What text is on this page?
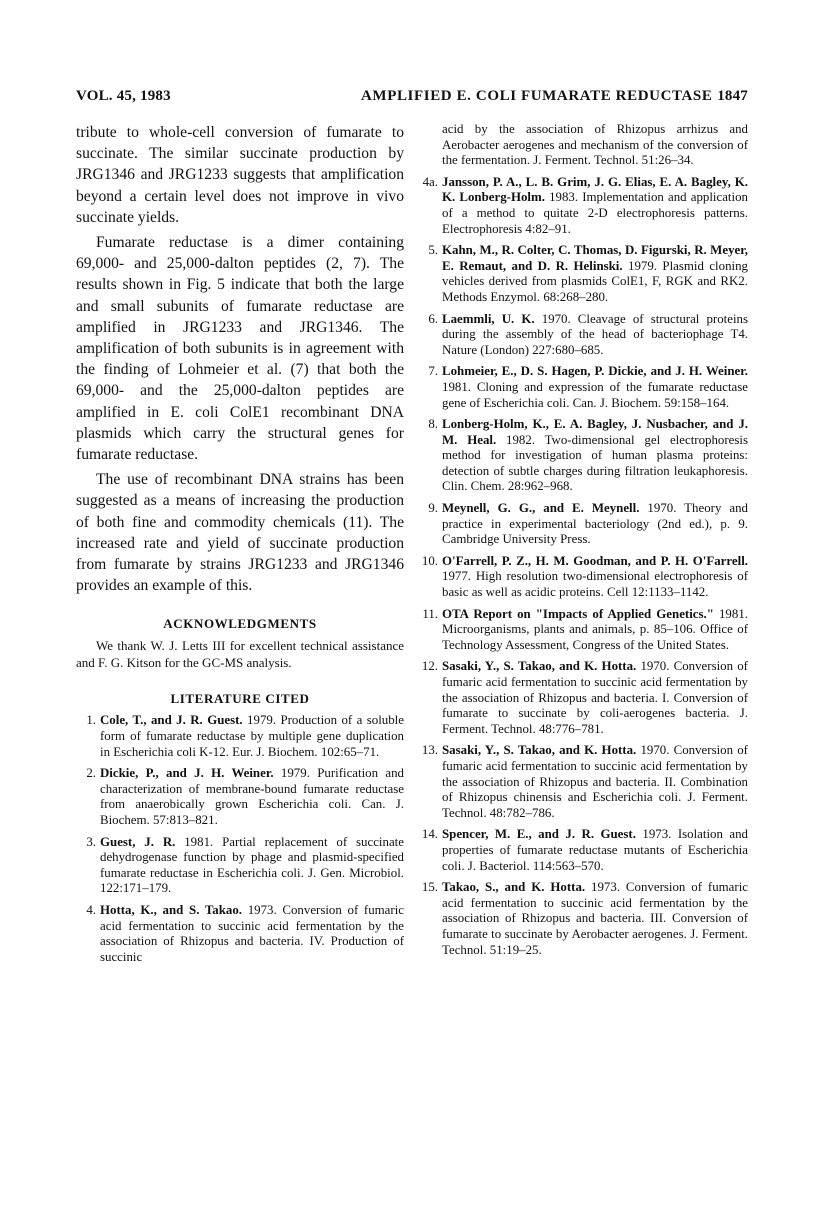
VOL. 45, 1983	AMPLIFIED E. COLI FUMARATE REDUCTASE 1847

tribute to whole-cell conversion of fumarate to succinate. The similar succinate production by JRG1346 and JRG1233 suggests that amplification beyond a certain level does not improve in vivo succinate yields.

Fumarate reductase is a dimer containing 69,000- and 25,000-dalton peptides (2, 7). The results shown in Fig. 5 indicate that both the large and small subunits of fumarate reductase are amplified in JRG1233 and JRG1346. The amplification of both subunits is in agreement with the finding of Lohmeier et al. (7) that both the 69,000- and the 25,000-dalton peptides are amplified in E. coli ColE1 recombinant DNA plasmids which carry the structural genes for fumarate reductase.

The use of recombinant DNA strains has been suggested as a means of increasing the production of both fine and commodity chemicals (11). The increased rate and yield of succinate production from fumarate by strains JRG1233 and JRG1346 provides an example of this.

ACKNOWLEDGMENTS

We thank W. J. Letts III for excellent technical assistance and F. G. Kitson for the GC-MS analysis.

LITERATURE CITED
1. Cole, T., and J. R. Guest. 1979. Production of a soluble form of fumarate reductase by multiple gene duplication in Escherichia coli K-12. Eur. J. Biochem. 102:65–71.
2. Dickie, P., and J. H. Weiner. 1979. Purification and characterization of membrane-bound fumarate reductase from anaerobically grown Escherichia coli. Can. J. Biochem. 57:813–821.
3. Guest, J. R. 1981. Partial replacement of succinate dehydrogenase function by phage and plasmid-specified fumarate reductase in Escherichia coli. J. Gen. Microbiol. 122:171–179.
4. Hotta, K., and S. Takao. 1973. Conversion of fumaric acid fermentation to succinic acid fermentation by the association of Rhizopus and bacteria. IV. Production of succinic

acid by the association of Rhizopus arrhizus and Aerobacter aerogenes and mechanism of the conversion of the fermentation. J. Ferment. Technol. 51:26–34.

4a. Jansson, P. A., L. B. Grim, J. G. Elias, E. A. Bagley, K. K. Lonberg-Holm. 1983. Implementation and application of a method to quitate 2-D electrophoresis patterns. Electrophoresis 4:82–91.
5. Kahn, M., R. Colter, C. Thomas, D. Figurski, R. Meyer, E. Remaut, and D. R. Helinski. 1979. Plasmid cloning vehicles derived from plasmids ColE1, F, RGK and RK2. Methods Enzymol. 68:268–280.
6. Laemmli, U. K. 1970. Cleavage of structural proteins during the assembly of the head of bacteriophage T4. Nature (London) 227:680–685.
7. Lohmeier, E., D. S. Hagen, P. Dickie, and J. H. Weiner. 1981. Cloning and expression of the fumarate reductase gene of Escherichia coli. Can. J. Biochem. 59:158–164.
8. Lonberg-Holm, K., E. A. Bagley, J. Nusbacher, and J. M. Heal. 1982. Two-dimensional gel electrophoresis method for investigation of human plasma proteins: detection of subtle charges during filtration leukaphoresis. Clin. Chem. 28:962–968.
9. Meynell, G. G., and E. Meynell. 1970. Theory and practice in experimental bacteriology (2nd ed.), p. 9. Cambridge University Press.
10. O'Farrell, P. Z., H. M. Goodman, and P. H. O'Farrell. 1977. High resolution two-dimensional electrophoresis of basic as well as acidic proteins. Cell 12:1133–1142.
11. OTA Report on "Impacts of Applied Genetics." 1981. Microorganisms, plants and animals, p. 85–106. Office of Technology Assessment, Congress of the United States.
12. Sasaki, Y., S. Takao, and K. Hotta. 1970. Conversion of fumaric acid fermentation to succinic acid fermentation by the association of Rhizopus and bacteria. I. Conversion of fumarate to succinate by coli-aerogenes bacteria. J. Ferment. Technol. 48:776–781.
13. Sasaki, Y., S. Takao, and K. Hotta. 1970. Conversion of fumaric acid fermentation to succinic acid fermentation by the association of Rhizopus and bacteria. II. Combination of Rhizopus chinensis and Escherichia coli. J. Ferment. Technol. 48:782–786.
14. Spencer, M. E., and J. R. Guest. 1973. Isolation and properties of fumarate reductase mutants of Escherichia coli. J. Bacteriol. 114:563–570.
15. Takao, S., and K. Hotta. 1973. Conversion of fumaric acid fermentation to succinic acid fermentation by the association of Rhizopus and bacteria. III. Conversion of fumarate to succinate by Aerobacter aerogenes. J. Ferment. Technol. 51:19–25.
